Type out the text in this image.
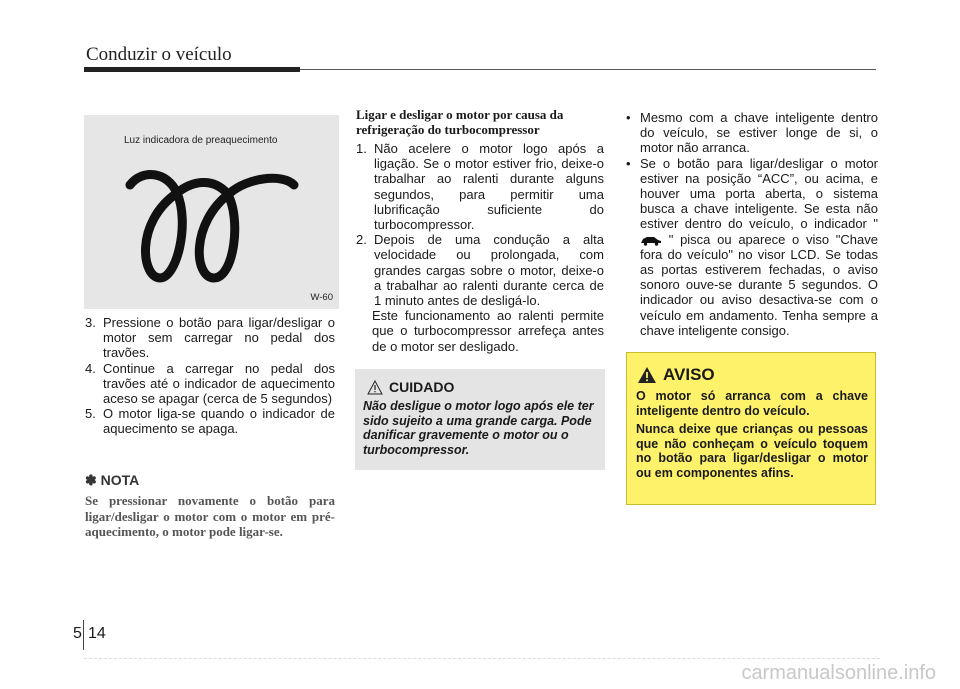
Conduzir o veículo
Luz indicadora de preaquecimento
W-60
3. Pressione o botão para ligar/desligar o motor sem carregar no pedal dos travões.
4. Continue a carregar no pedal dos travões até o indicador de aquecimento aceso se apagar (cerca de 5 segundos)
5. O motor liga-se quando o indicador de aquecimento se apaga.
✽ NOTA
Se pressionar novamente o botão para ligar/desligar o motor com o motor em pré-aquecimento, o motor pode ligar-se.
Ligar e desligar o motor por causa da refrigeração do turbocompressor
1. Não acelere o motor logo após a ligação. Se o motor estiver frio, deixe-o trabalhar ao ralenti durante alguns segundos, para permitir uma lubrificação suficiente do turbocompressor.
2. Depois de uma condução a alta velocidade ou prolongada, com grandes cargas sobre o motor, deixe-o a trabalhar ao ralenti durante cerca de 1 minuto antes de desligá-lo.
Este funcionamento ao ralenti permite que o turbocompressor arrefeça antes de o motor ser desligado.
CUIDADO
Não desligue o motor logo após ele ter sido sujeito a uma grande carga. Pode danificar gravemente o motor ou o turbocompressor.
• Mesmo com a chave inteligente dentro do veículo, se estiver longe de si, o motor não arranca.
• Se o botão para ligar/desligar o motor estiver na posição “ACC”, ou acima, e houver uma porta aberta, o sistema busca a chave inteligente. Se esta não estiver dentro do veículo, o indicador "  " pisca ou aparece o viso "Chave fora do veículo" no visor LCD. Se todas as portas estiverem fechadas, o aviso sonoro ouve-se durante 5 segundos. O indicador ou aviso desactiva-se com o veículo em andamento. Tenha sempre a chave inteligente consigo.
AVISO
O motor só arranca com a chave inteligente dentro do veículo.
Nunca deixe que crianças ou pessoas que não conheçam o veículo toquem no botão para ligar/desligar o motor ou em componentes afins.
5 14
carmanualsonline.info
